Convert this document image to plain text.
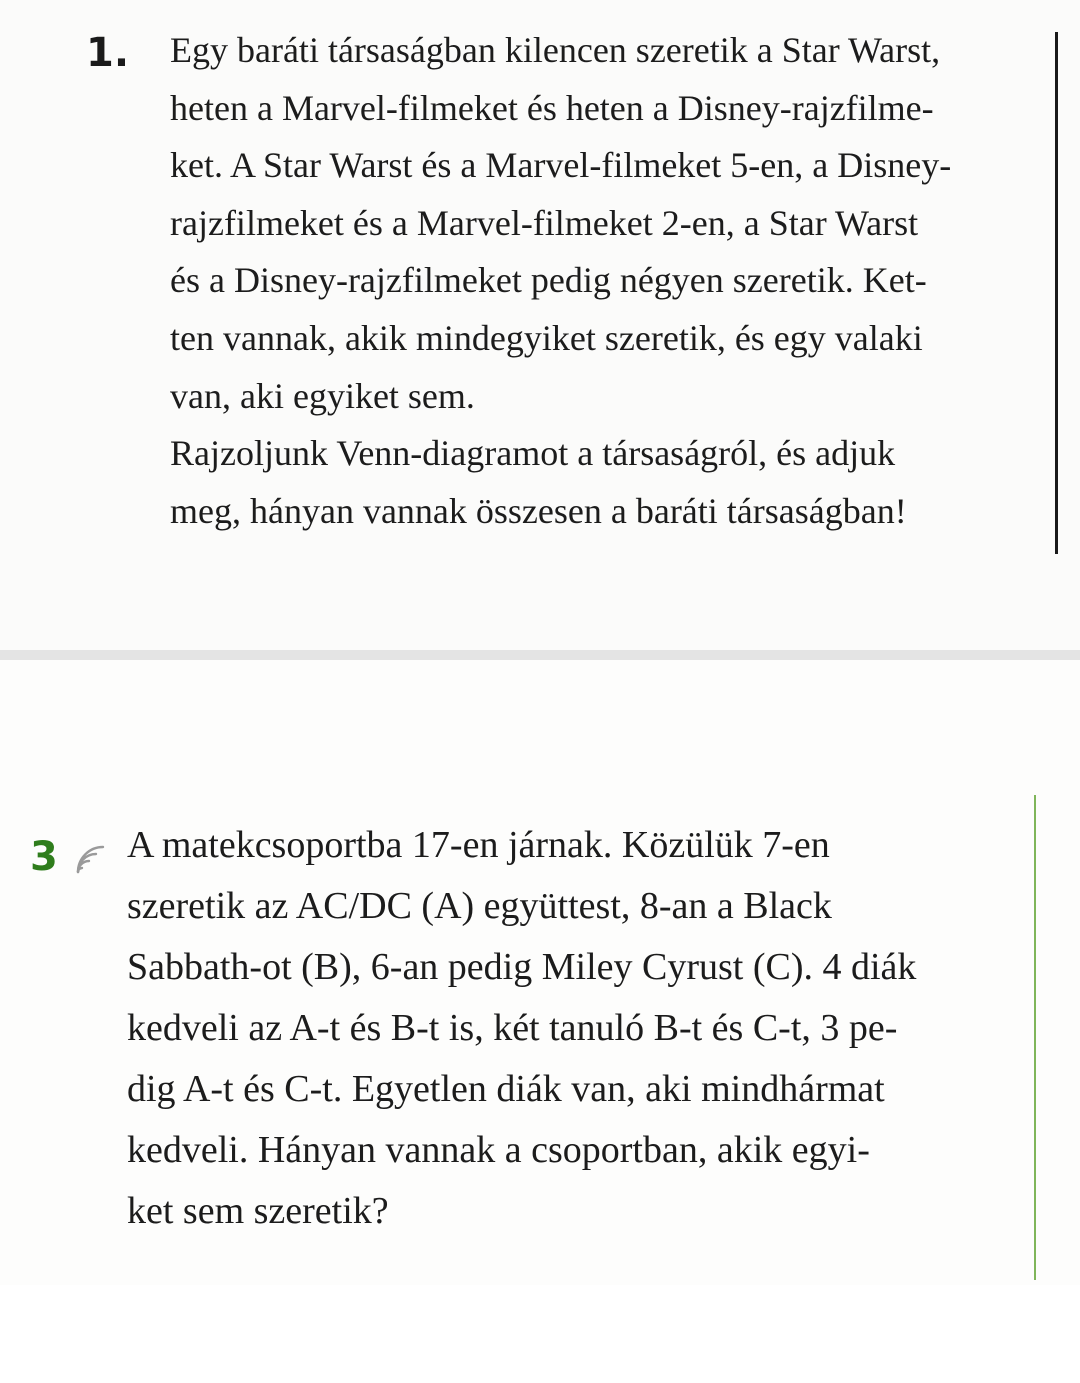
1. Egy baráti társaságban kilencen szeretik a Star Warst,
heten a Marvel-filmeket és heten a Disney-rajzfilme-
ket. A Star Warst és a Marvel-filmeket 5-en, a Disney-
rajzfilmeket és a Marvel-filmeket 2-en, a Star Warst
és a Disney-rajzfilmeket pedig négyen szeretik. Ket-
ten vannak, akik mindegyiket szeretik, és egy valaki
van, aki egyiket sem.
Rajzoljunk Venn-diagramot a társaságról, és adjuk
meg, hányan vannak összesen a baráti társaságban!
3 A matekcsoportba 17-en járnak. Közülük 7-en
szeretik az AC/DC (A) együttest, 8-an a Black
Sabbath-ot (B), 6-an pedig Miley Cyrust (C). 4 diák
kedveli az A-t és B-t is, két tanuló B-t és C-t, 3 pe-
dig A-t és C-t. Egyetlen diák van, aki mindhármat
kedveli. Hányan vannak a csoportban, akik egyi-
ket sem szeretik?
